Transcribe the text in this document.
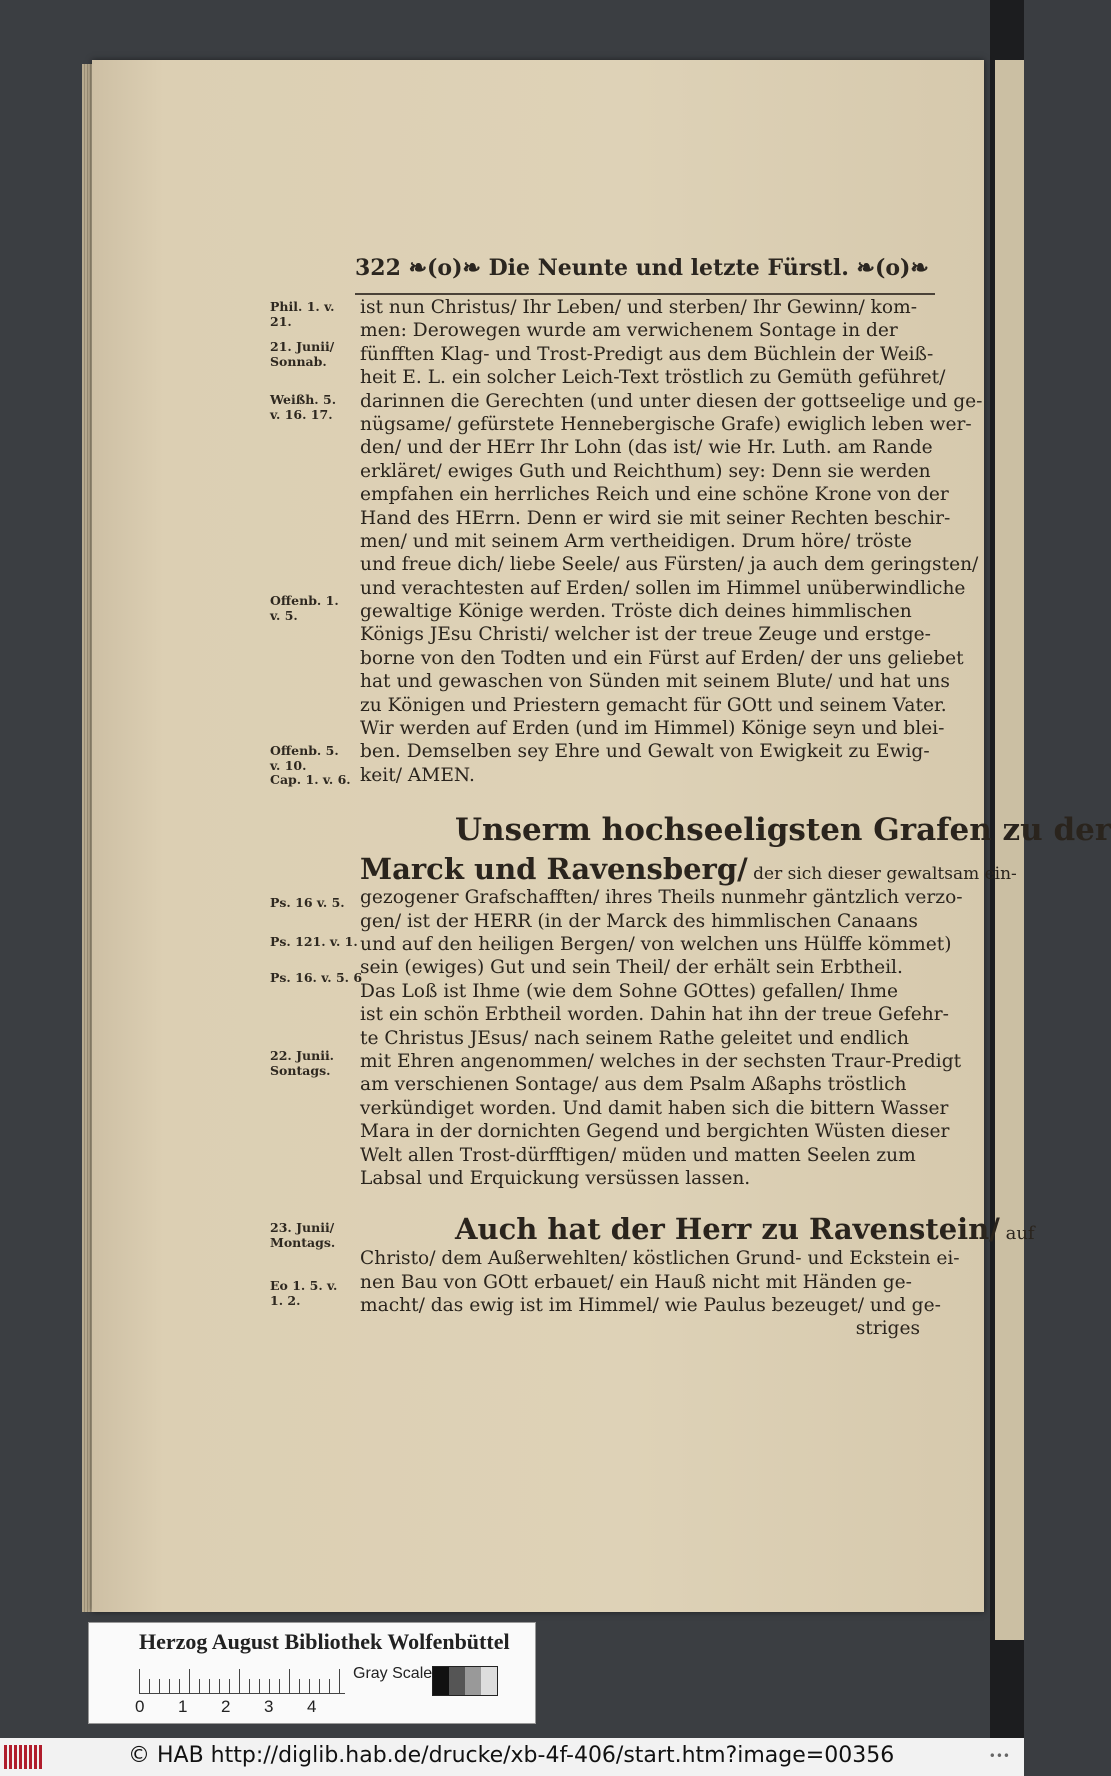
322 ❧(o)❧ Die Neunte und letzte Fürstl. ❧(o)❧
Phil. 1. v.
21.
21. Junii/
Sonnab.
Weißh. 5.
v. 16. 17.
Offenb. 1.
v. 5.
Offenb. 5.
v. 10.
Cap. 1. v. 6.
Ps. 16 v. 5.
Ps. 121. v. 1.
Ps. 16. v. 5. 6
22. Junii.
Sontags.
23. Junii/
Montags.
Eo 1. 5. v.
1. 2.
ist nun Christus/ Ihr Leben/ und sterben/ Ihr Gewinn/ kom-
men: Derowegen wurde am verwichenem Sontage in der
fünfften Klag- und Trost-Predigt aus dem Büchlein der Weiß-
heit E. L. ein solcher Leich-Text tröstlich zu Gemüth geführet/
darinnen die Gerechten (und unter diesen der gottseelige und ge-
nügsame/ gefürstete Hennebergische Grafe) ewiglich leben wer-
den/ und der HErr Ihr Lohn (das ist/ wie Hr. Luth. am Rande
erkläret/ ewiges Guth und Reichthum) sey: Denn sie werden
empfahen ein herrliches Reich und eine schöne Krone von der
Hand des HErrn. Denn er wird sie mit seiner Rechten beschir-
men/ und mit seinem Arm vertheidigen. Drum höre/ tröste
und freue dich/ liebe Seele/ aus Fürsten/ ja auch dem geringsten/
und verachtesten auf Erden/ sollen im Himmel unüberwindliche
gewaltige Könige werden. Tröste dich deines himmlischen
Königs JEsu Christi/ welcher ist der treue Zeuge und erstge-
borne von den Todten und ein Fürst auf Erden/ der uns geliebet
hat und gewaschen von Sünden mit seinem Blute/ und hat uns
zu Königen und Priestern gemacht für GOtt und seinem Vater.
Wir werden auf Erden (und im Himmel) Könige seyn und blei-
ben. Demselben sey Ehre und Gewalt von Ewigkeit zu Ewig-
keit/ AMEN.
Unserm hochseeligsten Grafen zu der
Marck und Ravensberg/ der sich dieser gewaltsam ein-
gezogener Grafschafften/ ihres Theils nunmehr gäntzlich verzo-
gen/ ist der HERR (in der Marck des himmlischen Canaans
und auf den heiligen Bergen/ von welchen uns Hülffe kömmet)
sein (ewiges) Gut und sein Theil/ der erhält sein Erbtheil.
Das Loß ist Ihme (wie dem Sohne GOttes) gefallen/ Ihme
ist ein schön Erbtheil worden. Dahin hat ihn der treue Gefehr-
te Christus JEsus/ nach seinem Rathe geleitet und endlich
mit Ehren angenommen/ welches in der sechsten Traur-Predigt
am verschienen Sontage/ aus dem Psalm Aßaphs tröstlich
verkündiget worden. Und damit haben sich die bittern Wasser
Mara in der dornichten Gegend und bergichten Wüsten dieser
Welt allen Trost-dürfftigen/ müden und matten Seelen zum
Labsal und Erquickung versüssen lassen.
Auch hat der Herr zu Ravenstein/ auf
Christo/ dem Außerwehlten/ köstlichen Grund- und Eckstein ei-
nen Bau von GOtt erbauet/ ein Hauß nicht mit Händen ge-
macht/ das ewig ist im Himmel/ wie Paulus bezeuget/ und ge-
striges
Herzog August Bibliothek Wolfenbüttel
Gray Scale
0 1 2 3 4
© HAB http://diglib.hab.de/drucke/xb-4f-406/start.htm?image=00356	•••
